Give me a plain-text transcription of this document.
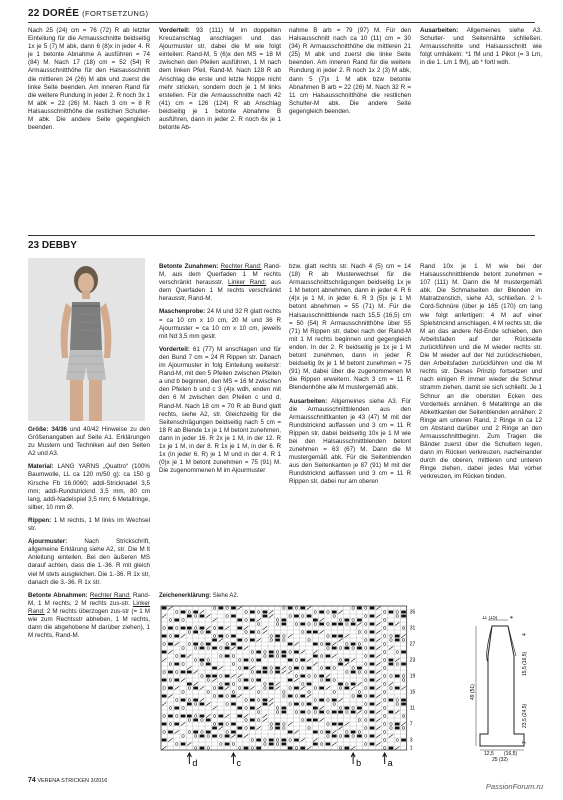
22 DORÉE (FORTSETZUNG)

Nach 25 (24) cm = 76 (72) R ab letzter Einteilung für die Armausschnitte beidseitig 1x je 5 (7) M abk, dann 6 (8)x in jeder 4. R je 1 betonte Abnahme A ausführen = 74 (84) M. Nach 17 (18) cm = 52 (54) R Armausschnitthöhe für den Halsausschnitt die mittleren 24 (26) M abk und zuerst die linke Seite beenden. Am inneren Rand für die weitere Rundung in jeder 2. R noch 3x 1 M abk = 22 (26) M. Nach 3 cm = 8 R Halsausschnitthöhe die restlichen Schulter-M abk. Die andere Seite gegengleich beenden.

Vorderteil: 93 (111) M im doppelten Kreuzanschlag anschlagen und das Ajourmuster str, dabei die M wie folgt einteilen: Rand-M, 5 (6)x den MS = 18 M zwischen den Pfeilen ausführen, 1 M nach dem linken Pfeil, Rand-M. Nach 128 R ab Anschlag die erste und letzte Noppe nicht mehr stricken, sondern doch je 1 M links erstellen. Für die Armausschnitte nach 42 (41) cm = 126 (124) R ab Anschlag beidseitig je 1 betonte Abnahme B ausführen, dann in jeder 2. R noch 6x je 1 betonte Ab-

nahme B arb = 79 (97) M. Für den Halsausschnitt nach ca 10 (11) cm = 30 (34) R Armausschnitthöhe die mittleren 21 (25) M abk und zuerst die linke Seite beenden. Am inneren Rand für die weitere Rundung in jeder 2. R noch 1x 2 (3) M abk, dann 5 (7)x 1 M abk bzw betonte Abnahmen B arb = 22 (26) M. Nach 32 R = 11 cm Halsausschnitthöhe die restlichen Schulter-M abk. Die andere Seite gegengleich beenden.

Ausarbeiten: Allgemeines siehe A3. Schulter- und Seitennähte schließen. Armausschnitte und Halsausschnitt wie folgt umhäkeln: *1 fM und 1 Pikot (= 3 Lm, in die 1. Lm 1 fM), ab * fortl wdh.

23 DEBBY

Größe: 34/36 und 40/42 Hinweise zu den Größenangaben auf Seite A1. Erklärungen zu Mustern und Techniken auf den Seiten A2 und A3.

Material: LANG YARNS „Quattro“ (100% Baumwolle, LL ca 120 m/50 g): ca 150 g Kirsche Fb 16.0060; addi-Stricknadel 3,5 mm; addi-Rundstricknd 3,5 mm, 80 cm lang, addi-Nadelspiel 3,5 mm; 6 Metallringe, silber, 10 mm Ø.

Rippen: 1 M rechts, 1 M links im Wechsel str.

Ajourmuster:	Nach Strickschrift, allgemeine Erklärung siehe A2, str. Die M lt Anleitung einteilen. Bei den äußeren MS darauf achten, dass die 1.-36. R mit gleich viel M stets ausgleichen. Die 1.-36. R 1x str, danach die 3.-36. R 1x str.

Betonte Abnahmen: Rechter Rand: Rand-M, 1 M rechts, 2 M rechts zus-str. Linker Rand: 2 M rechts überzogen zus-str (= 1 M wie zum Rechtsstr abheben, 1 M rechts, dann die abgehobene M darüber ziehen), 1 M rechts, Rand-M.

Betonte Zunahmen: Rechter Rand: Rand-M, aus dem Querfaden 1 M rechts verschränkt herausstr. Linker Rand: aus dem Querfaden 1 M rechts verschränkt herausstr, Rand-M.

Maschenprobe: 24 M und 32 R glatt rechts = ca 10 cm x 10 cm, 20 M und 36 R Ajourmuster = ca 10 cm x 10 cm, jeweils mit Nd 3,5 mm gestr.

Vorderteil: 61 (77) M anschlagen und für den Bund 7 cm = 24 R Rippen str. Danach im Ajourmuster in folg Einteilung weiterstr: Rand-M, mit den 5 Pfeilen zwischen Pfeilen a und b beginnen, den MS = 16 M zwischen den Pfeilen b und c 3 (4)x wdh, enden mit den 6 M zwischen den Pfeilen c und d, Rand-M. Nach 18 cm = 70 R ab Bund glatt rechts, siehe A2, str. Gleichzeitig für die Seitenschrägungen beidseitig nach 5 cm = 18 R ab Blende 1x je 1 M betont zunehmen, dann in jeder 16. R 2x je 1 M, in der 12. R 1x je 1 M, in der 8. R 1x je 1 M, in der 6. R 1x (in jeder 6. R) je 1 M und in der 4. R 1 (0)x je 1 M betont zunehmen = 75 (91) M. Die zugenommenen M im Ajourmuster

bzw. glatt rechts str. Nach 4 (5) cm = 14 (18) R ab Musterwechsel für die Armausschnittschrägungen beidseitig 1x je 1 M betont abnehmen, dann in jeder 4. R 6 (4)x je 1 M, in jeder 6. R 3 (5)x je 1 M betont abnehmen = 55 (71) M. Für die Halsausschnittblende nach 15,5 (16,5) cm = 50 (54) R Armausschnitthöhe über 55 (71) M Rippen str, dabei nach der Rand-M mit 1 M rechts beginnen und gegengleich enden. In der 2. R beidseitig je 1x je 1 M betont zunehmen, dann in jeder R beidseitig 9x je 1 M betont zunehmen = 75 (91) M, dabei über die zugenommenen M die Rippen erweitern. Nach 3 cm = 11 R Blendenhöhe alle M mustergemäß abk.

Ausarbeiten: Allgemeines siehe A3. Für die Armausschnittblenden aus den Armausschnittkanten je 43 (47) M mit der Rundstricknd auffassen und 3 cm = 11 R Rippen str, dabei beidseitig 10x je 1 M wie bei den Halsausschnittblenden betont zunehmen = 63 (67) M. Dann die M mustergemäß abk. Für die Seitenblenden aus den Seitenkanten je 87 (91) M mit der Rundstricknd auffassen und 3 cm = 11 R Rippen str, dabei nur am oberen

Rand 10x je 1 M wie bei der Halsausschnittblende betont zunehmen = 107 (111) M. Dann die M mustergemäß abk. Die Schmalseiten der Blenden im Matratzenstich, siehe A3, schließen. 2 I-Cord-Schnüre (über je 165 (170) cm lang wie folgt anfertigen: 4 M auf einer Spielstricknd anschlagen, 4 M rechts str, die M an das andere Nd-Ende schieben, den Arbeitsfaden auf der Rückseite zurückführen und die M wieder rechts str. Die M wieder auf der Nd zurückschieben, den Arbeitsfaden zurückführen und die M rechts str. Dieses Prinzip fortsetzen und nach einigen R immer wieder die Schnur stramm ziehen, damit sie sich schließt. Je 1 Schnur an die obersten Ecken des Vorderteils annähen. 6 Metallringe an die Abkettkanten der Seitenblenden annähen: 2 Ringe am unteren Rand, 2 Ringe in ca 12 cm Abstand darüber und 2 Ringe an den Armausschnittbeginn. Zum Tragen die Bänder zuerst über die Schultern legen, dann im Rücken verkreuzen, nacheinander durch die oberen, mittleren und unteren Ringe ziehen, dabei jedes Mal vorher verkreuzen, im Rücken binden.

Zeichenerklärung: Siehe A2.
35
31
27
23
19
15
11
7
3
1
d	c	b	a
11 (15)	4
49 (51)
15,5 (16,5)
4
23,5 (24,5)
7
12,5 (16,5)
25 (32)
74 VERENA STRICKEN 3/2016
PassionForum.ru
